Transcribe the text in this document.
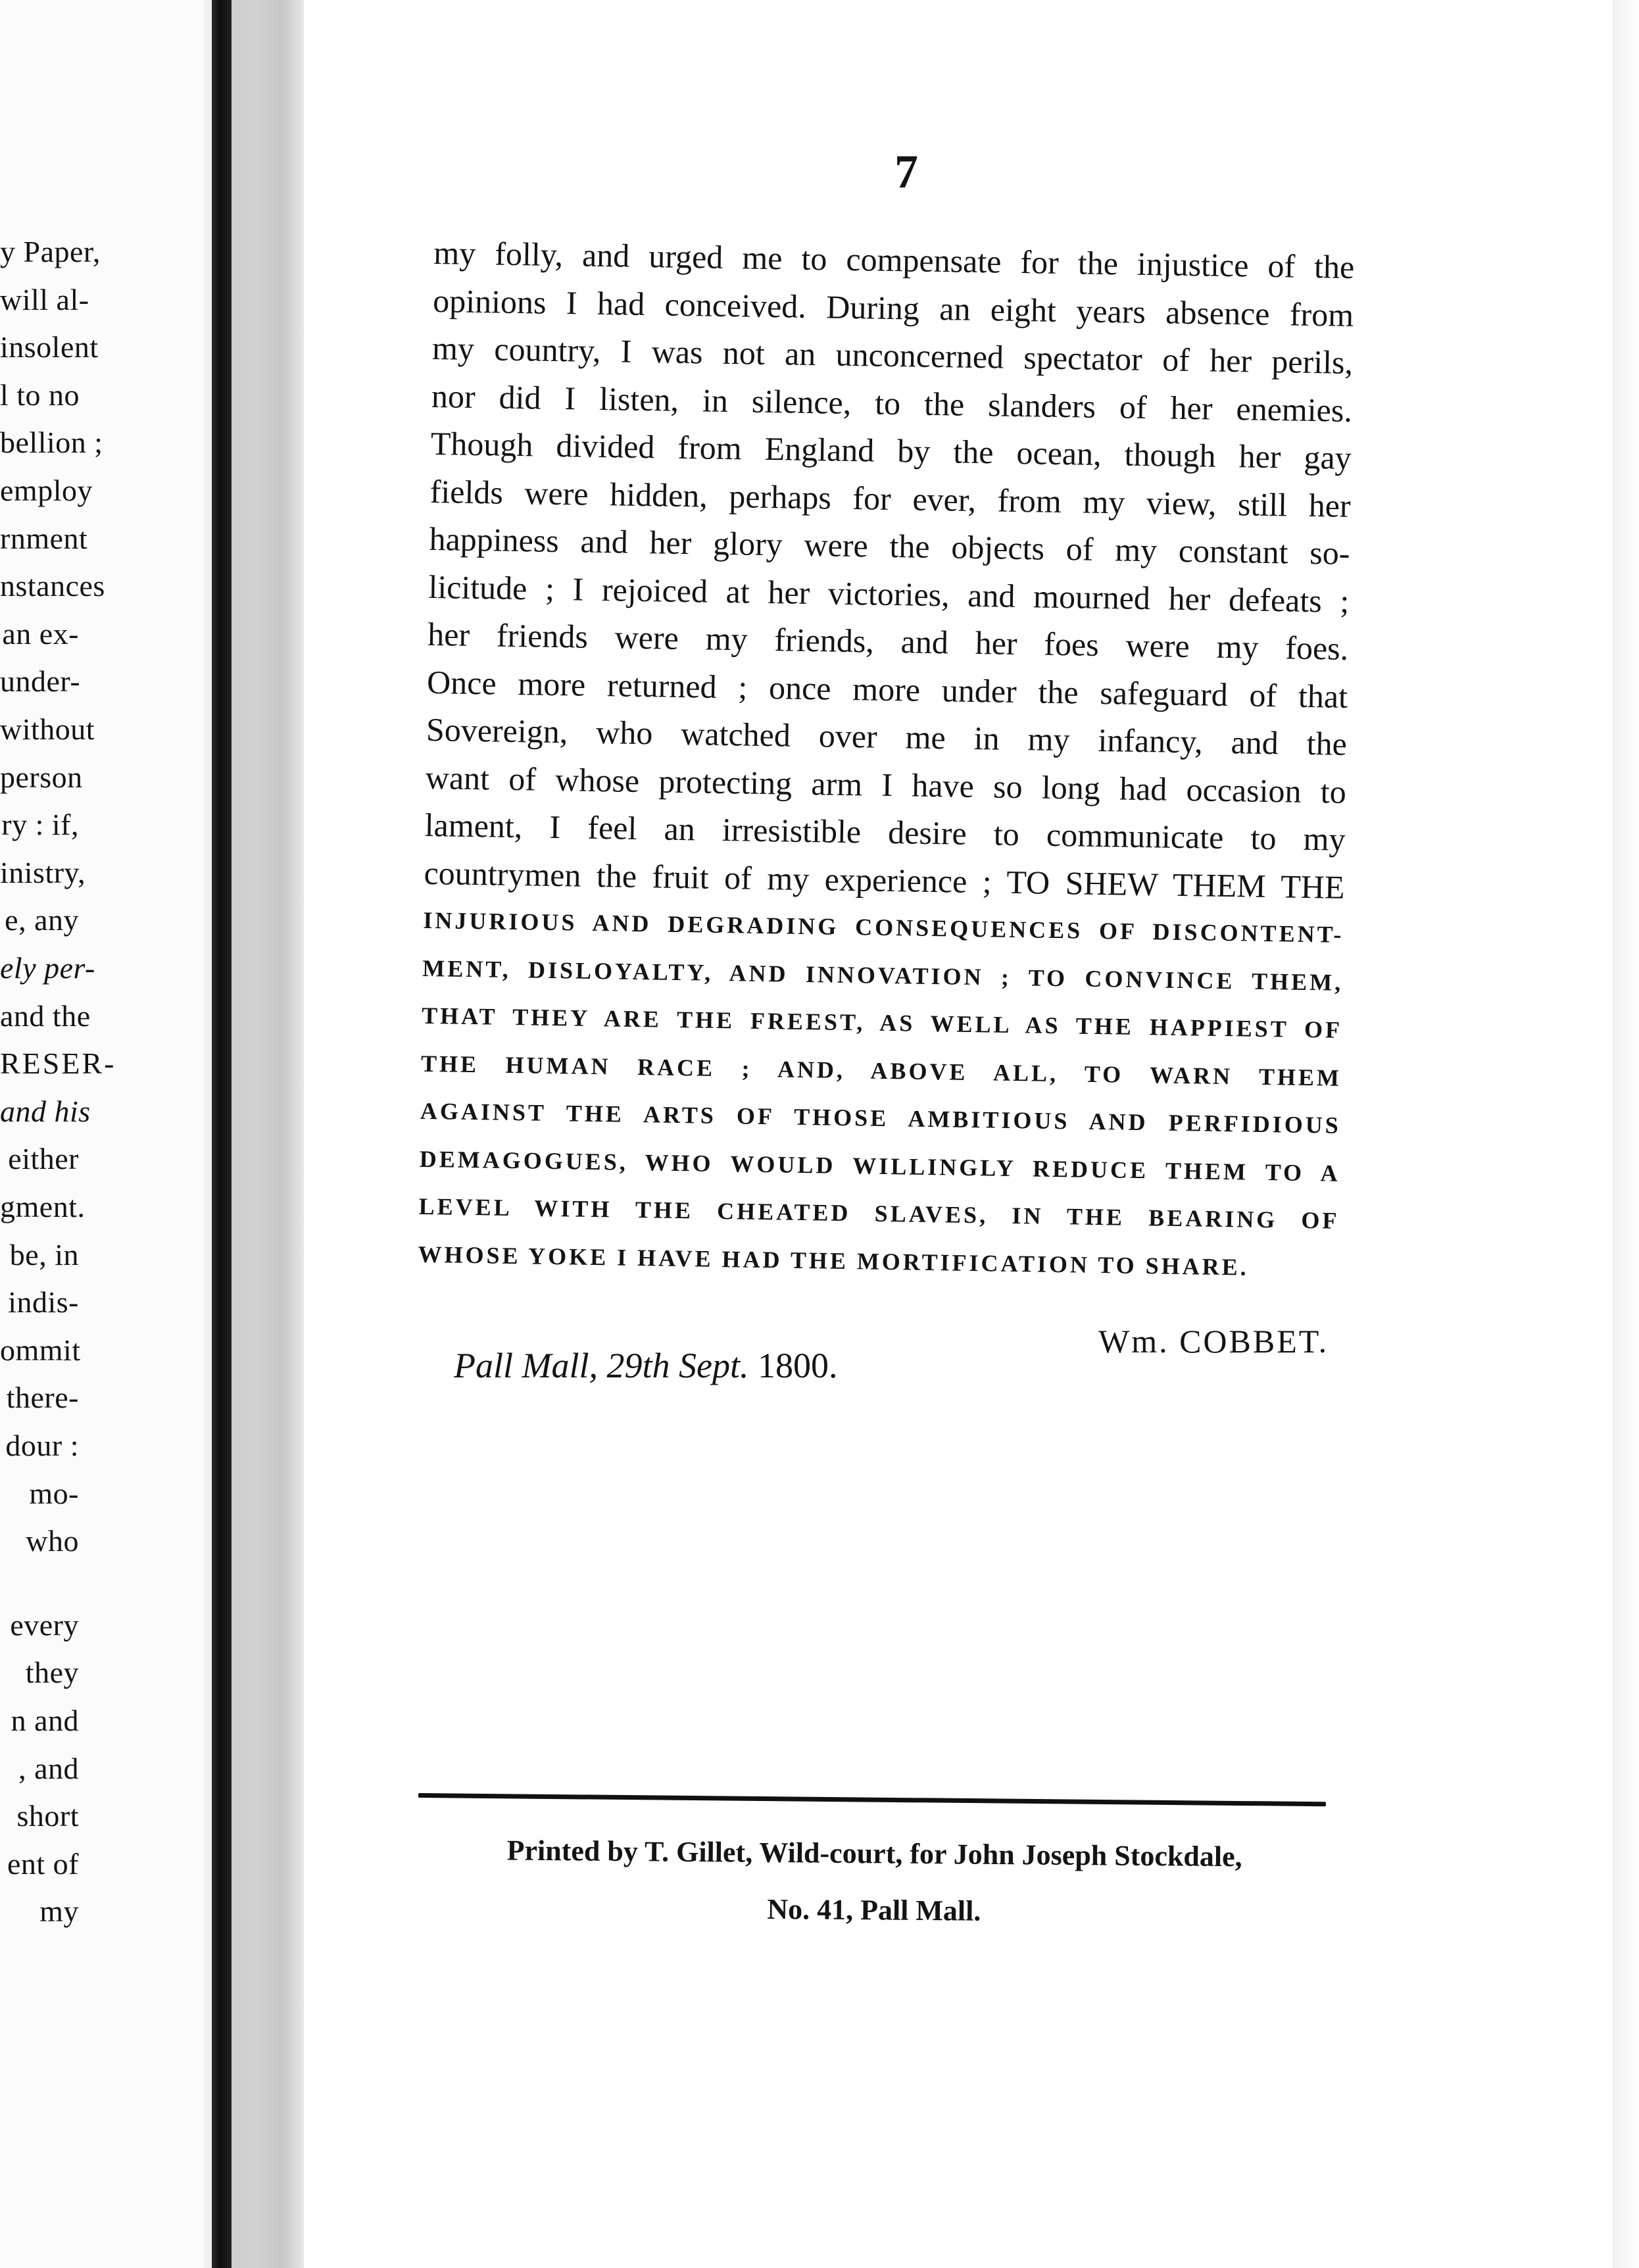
y Paper,
will al-
insolent
l to no
bellion ;
employ
rnment
nstances
an ex-
under-
without
person
ry : if,
inistry,
e, any
ely per-
and the
RESER-
and his
either
gment.
be, in
indis-
ommit
there-
dour :
mo-
who
every
they
n and
, and
short
ent of
my
7
my folly, and urged me to compensate for the injustice of the
opinions I had conceived. During an eight years absence from
my country, I was not an unconcerned spectator of her perils,
nor did I listen, in silence, to the slanders of her enemies.
Though divided from England by the ocean, though her gay
fields were hidden, perhaps for ever, from my view, still her
happiness and her glory were the objects of my constant so-
licitude ; I rejoiced at her victories, and mourned her defeats ;
her friends were my friends, and her foes were my foes.
Once more returned ; once more under the safeguard of that
Sovereign, who watched over me in my infancy, and the
want of whose protecting arm I have so long had occasion to
lament, I feel an irresistible desire to communicate to my
countrymen the fruit of my experience ; TO SHEW THEM THE
INJURIOUS AND DEGRADING CONSEQUENCES OF DISCONTENT-
MENT, DISLOYALTY, AND INNOVATION ; TO CONVINCE THEM,
THAT THEY ARE THE FREEST, AS WELL AS THE HAPPIEST OF
THE HUMAN RACE ; AND, ABOVE ALL, TO WARN THEM
AGAINST THE ARTS OF THOSE AMBITIOUS AND PERFIDIOUS
DEMAGOGUES, WHO WOULD WILLINGLY REDUCE THEM TO A
LEVEL WITH THE CHEATED SLAVES, IN THE BEARING OF
WHOSE YOKE I HAVE HAD THE MORTIFICATION TO SHARE.
Wm. COBBET.
Pall Mall, 29th Sept. 1800.
Printed by T. Gillet, Wild-court, for John Joseph Stockdale,
No. 41, Pall Mall.
